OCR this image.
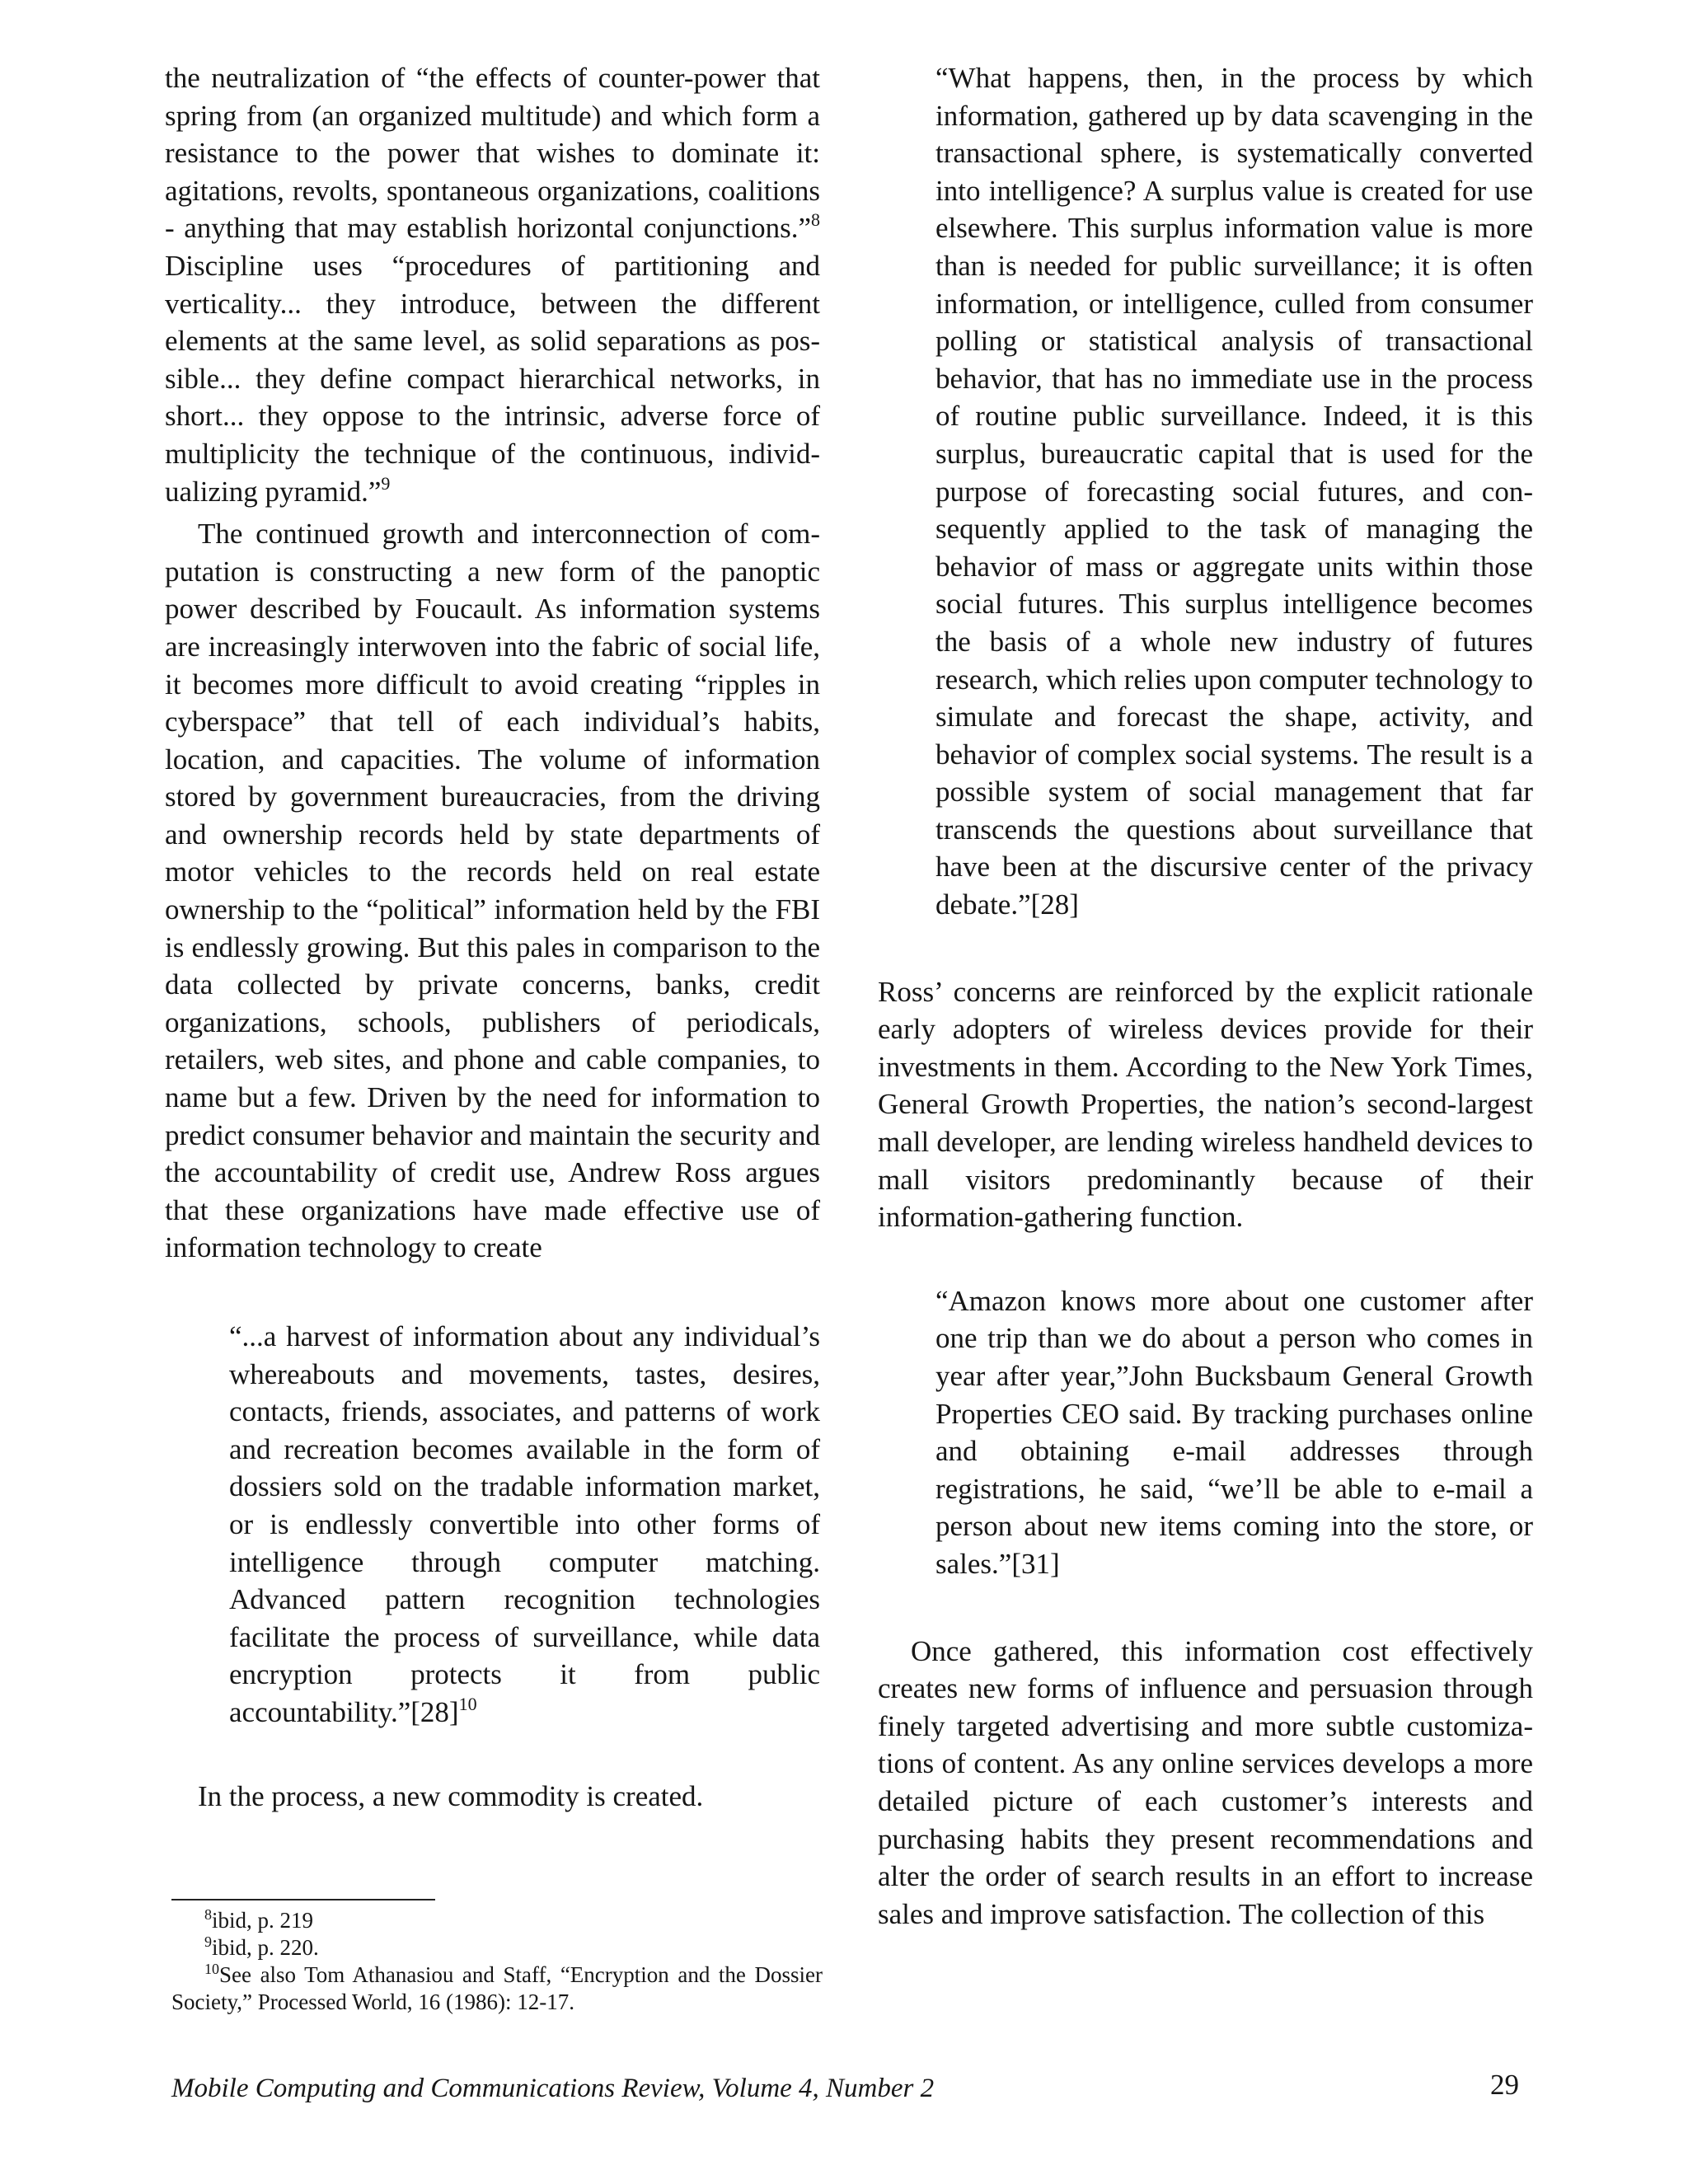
the neutralization of “the effects of counter-power that spring from (an organized multitude) and which form a resistance to the power that wishes to dominate it: agitations, revolts, spontaneous organizations, coalitions - anything that may establish horizontal conjunctions.”$^8$ Discipline uses “procedures of partitioning and verticality... they introduce, between the different elements at the same level, as solid separations as possible... they define compact hierarchical networks, in short... they oppose to the intrinsic, adverse force of multiplicity the technique of the continuous, individualizing pyramid.”$^9$

The continued growth and interconnection of computation is constructing a new form of the panoptic power described by Foucault. As information systems are increasingly interwoven into the fabric of social life, it becomes more difficult to avoid creating “ripples in cyberspace” that tell of each individual’s habits, location, and capacities. The volume of information stored by government bureaucracies, from the driving and ownership records held by state departments of motor vehicles to the records held on real estate ownership to the “political” information held by the FBI is endlessly growing. But this pales in comparison to the data collected by private concerns, banks, credit organizations, schools, publishers of periodicals, retailers, web sites, and phone and cable companies, to name but a few. Driven by the need for information to predict consumer behavior and maintain the security and the accountability of credit use, Andrew Ross argues that these organizations have made effective use of information technology to create

“...a harvest of information about any individual’s whereabouts and movements, tastes, desires, contacts, friends, associates, and patterns of work and recreation becomes available in the form of dossiers sold on the tradable information market, or is endlessly convertible into other forms of intelligence through computer matching. Advanced pattern recognition technologies facilitate the process of surveillance, while data encryption protects it from public $accountability.”[28]^{10}$

In the process, a new commodity is created.

$^8$ibid, p. 219

$^9$ibid, p. 220.

$^{10}$See also Tom Athanasiou and Staff, “Encryption and the Dossier Society,” Processed World, 16 (1986): 12-17.

“What happens, then, in the process by which information, gathered up by data scavenging in the transactional sphere, is systematically converted into intelligence? A surplus value is created for use elsewhere. This surplus information value is more than is needed for public surveillance; it is often information, or intelligence, culled from consumer polling or statistical analysis of transactional behavior, that has no immediate use in the process of routine public surveillance. Indeed, it is this surplus, bureaucratic capital that is used for the purpose of forecasting social futures, and consequently applied to the task of managing the behavior of mass or aggregate units within those social futures. This surplus intelligence becomes the basis of a whole new industry of futures research, which relies upon computer technology to simulate and forecast the shape, activity, and behavior of complex social systems. The result is a possible system of social management that far transcends the questions about surveillance that have been at the discursive center of the privacy debate.”[28]

Ross’ concerns are reinforced by the explicit rationale early adopters of wireless devices provide for their investments in them. According to the New York Times, General Growth Properties, the nation’s second-largest mall developer, are lending wireless handheld devices to mall visitors predominantly because of their information-gathering function.

“Amazon knows more about one customer after one trip than we do about a person who comes in year after year,”John Bucksbaum General Growth Properties CEO said. By tracking purchases online and obtaining e-mail addresses through registrations, he said, “we’ll be able to e-mail a person about new items coming into the store, or sales.”[31]

Once gathered, this information cost effectively creates new forms of influence and persuasion through finely targeted advertising and more subtle customizations of content. As any online services develops a more detailed picture of each customer’s interests and purchasing habits they present recommendations and alter the order of search results in an effort to increase sales and improve satisfaction. The collection of this

Mobile Computing and Communications Review, Volume 4, Number 2	29
